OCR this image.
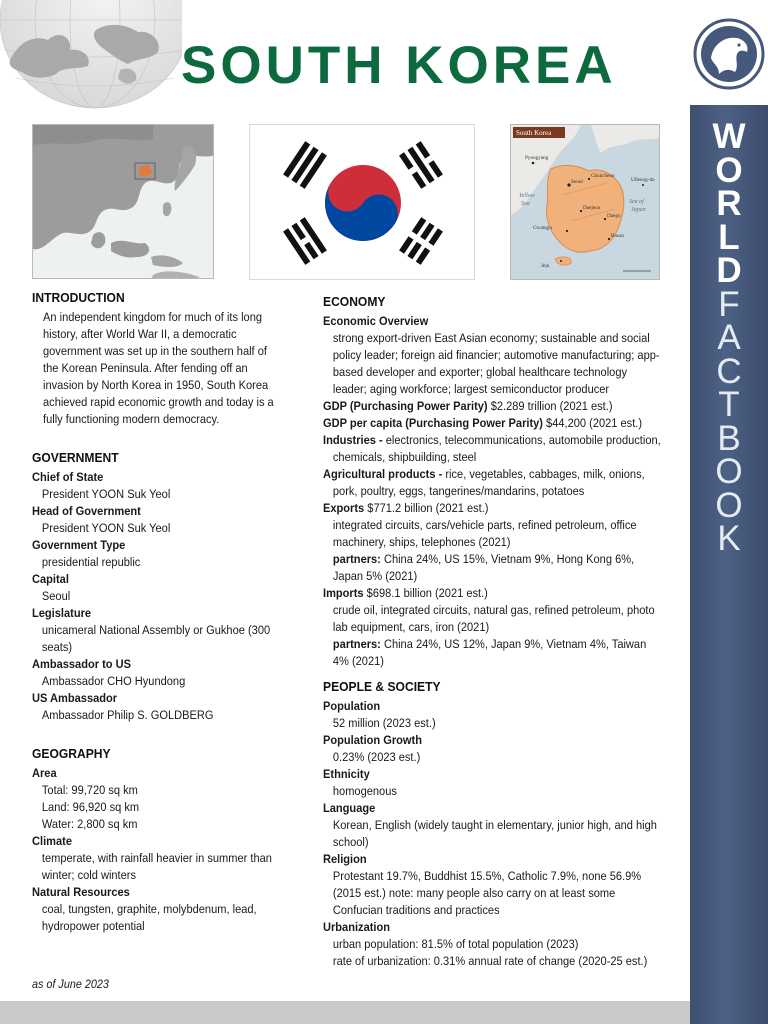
SOUTH KOREA
Pyongyang
Seoul
Chuncheon
Daejeon
Daegu
Gwangju
Busan
Jeju
Ulleung-do
Sea of
Japan
Yellow
Sea
South Korea
INTRODUCTION
An independent kingdom for much of its long
history, after World War II, a democratic
government was set up in the southern half of
the Korean Peninsula. After fending off an
invasion by North Korea in 1950, South Korea
achieved rapid economic growth and today is a
fully functioning modern democracy.
GOVERNMENT
Chief of State
President YOON Suk Yeol
Head of Government
President YOON Suk Yeol
Government Type
presidential republic
Capital
Seoul
Legislature
unicameral National Assembly or Gukhoe (300
seats)
Ambassador to US
Ambassador CHO Hyundong
US Ambassador
Ambassador Philip S. GOLDBERG
GEOGRAPHY
Area
Total: 99,720 sq km
Land: 96,920 sq km
Water: 2,800 sq km
Climate
temperate, with rainfall heavier in summer than
winter; cold winters
Natural Resources
coal, tungsten, graphite, molybdenum, lead,
hydropower potential
ECONOMY
Economic Overview
strong export-driven East Asian economy; sustainable and social
policy leader; foreign aid financier; automotive manufacturing; app-
based developer and exporter; global healthcare technology
leader; aging workforce; largest semiconductor producer
GDP (Purchasing Power Parity) $2.289 trillion (2021 est.)
GDP per capita (Purchasing Power Parity) $44,200 (2021 est.)
Industries - electronics, telecommunications, automobile production,
chemicals, shipbuilding, steel
Agricultural products - rice, vegetables, cabbages, milk, onions,
pork, poultry, eggs, tangerines/mandarins, potatoes
Exports $771.2 billion (2021 est.)
integrated circuits, cars/vehicle parts, refined petroleum, office
machinery, ships, telephones (2021)
partners: China 24%, US 15%, Vietnam 9%, Hong Kong 6%,
Japan 5% (2021)
Imports $698.1 billion (2021 est.)
crude oil, integrated circuits, natural gas, refined petroleum, photo
lab equipment, cars, iron (2021)
partners: China 24%, US 12%, Japan 9%, Vietnam 4%, Taiwan
4% (2021)
PEOPLE & SOCIETY
Population
52 million (2023 est.)
Population Growth
0.23% (2023 est.)
Ethnicity
homogenous
Language
Korean, English (widely taught in elementary, junior high, and high
school)
Religion
Protestant 19.7%, Buddhist 15.5%, Catholic 7.9%, none 56.9%
(2015 est.) note: many people also carry on at least some
Confucian traditions and practices
Urbanization
urban population: 81.5% of total population (2023)
rate of urbanization: 0.31% annual rate of change (2020-25 est.)
as of June 2023
W
O
R
L
D
F
A
C
T
B
O
O
K
